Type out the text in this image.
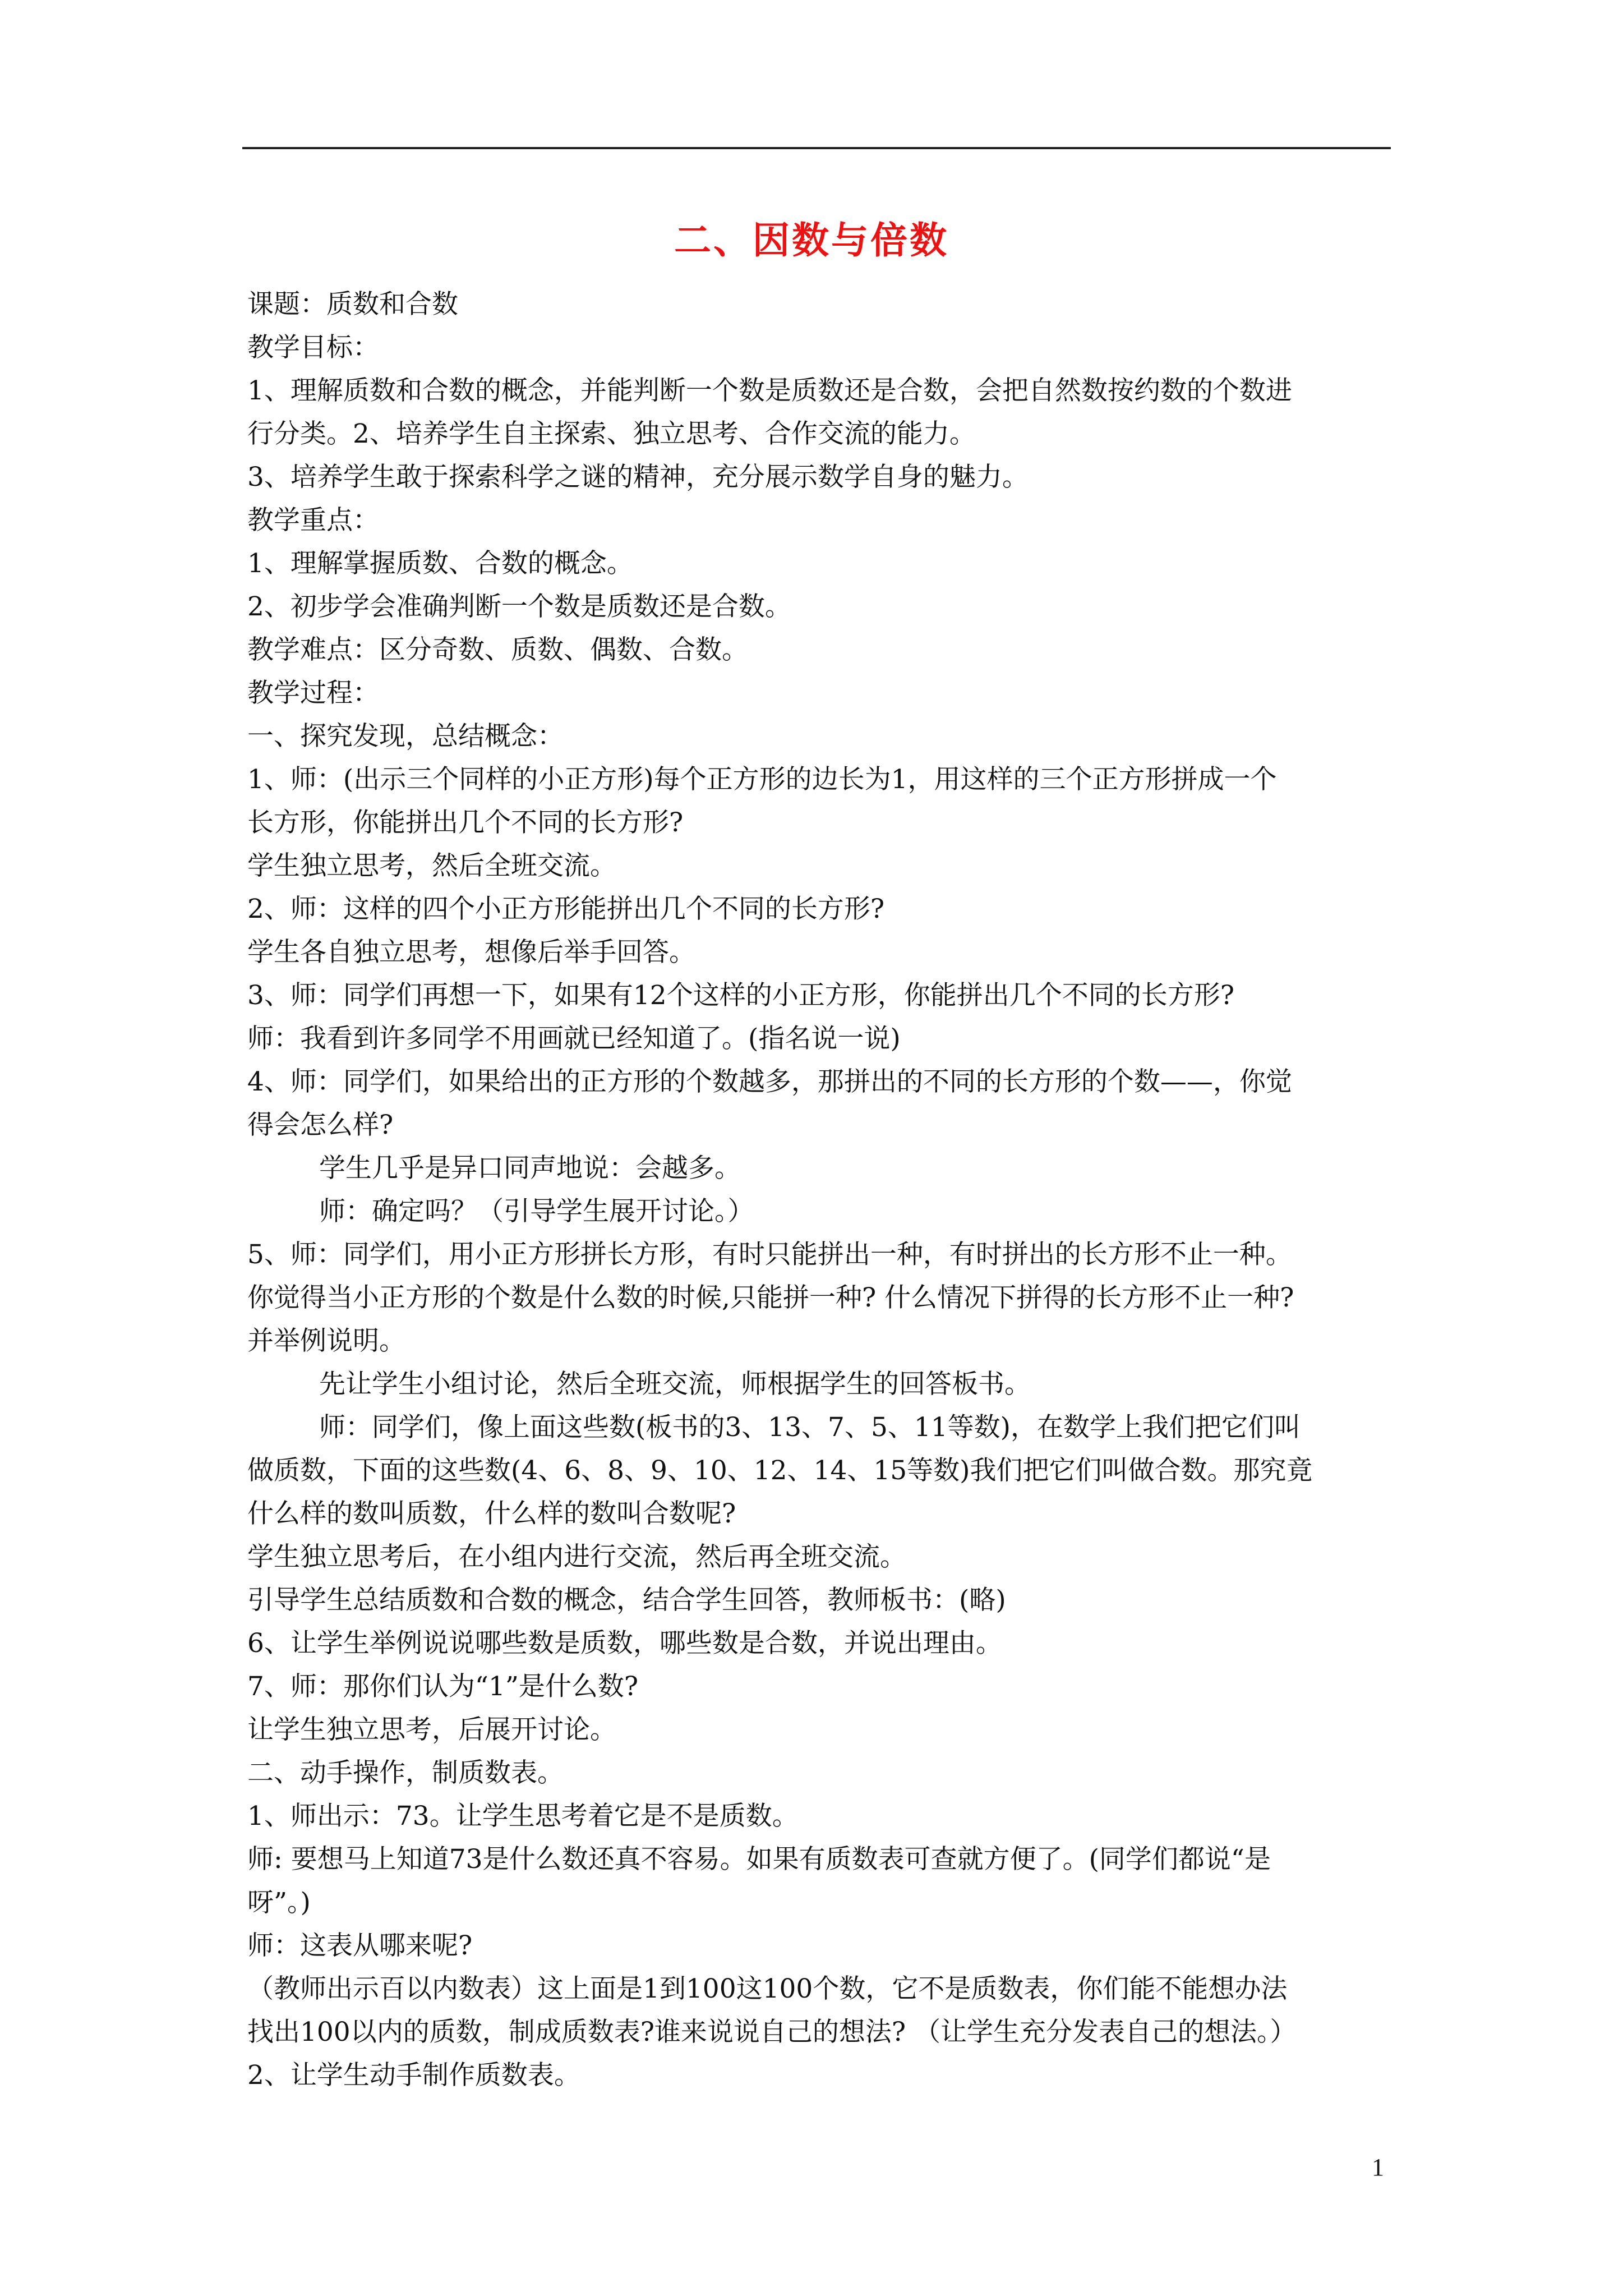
二、因数与倍数
课题：质数和合数
教学目标：
1、理解质数和合数的概念，并能判断一个数是质数还是合数，会把自然数按约数的个数进
行分类。2、培养学生自主探索、独立思考、合作交流的能力。
3、培养学生敢于探索科学之谜的精神，充分展示数学自身的魅力。
教学重点：
1、理解掌握质数、合数的概念。
2、初步学会准确判断一个数是质数还是合数。
教学难点：区分奇数、质数、偶数、合数。
教学过程：
一、探究发现，总结概念：
1、师：(出示三个同样的小正方形)每个正方形的边长为1，用这样的三个正方形拼成一个
长方形，你能拼出几个不同的长方形?
学生独立思考，然后全班交流。
2、师：这样的四个小正方形能拼出几个不同的长方形?
学生各自独立思考，想像后举手回答。
3、师：同学们再想一下，如果有12个这样的小正方形，你能拼出几个不同的长方形?
师：我看到许多同学不用画就已经知道了。(指名说一说)
4、师：同学们，如果给出的正方形的个数越多，那拼出的不同的长方形的个数——，你觉
得会怎么样?
学生几乎是异口同声地说：会越多。
师：确定吗？（引导学生展开讨论。）
5、师：同学们，用小正方形拼长方形，有时只能拼出一种，有时拼出的长方形不止一种。
你觉得当小正方形的个数是什么数的时候,只能拼一种? 什么情况下拼得的长方形不止一种?
并举例说明。
先让学生小组讨论，然后全班交流，师根据学生的回答板书。
师：同学们，像上面这些数(板书的3、13、7、5、11等数)，在数学上我们把它们叫
做质数，下面的这些数(4、6、8、9、10、12、14、15等数)我们把它们叫做合数。那究竟
什么样的数叫质数，什么样的数叫合数呢?
学生独立思考后，在小组内进行交流，然后再全班交流。
引导学生总结质数和合数的概念，结合学生回答，教师板书：(略)
6、让学生举例说说哪些数是质数，哪些数是合数，并说出理由。
7、师：那你们认为“1”是什么数?
让学生独立思考，后展开讨论。
二、动手操作，制质数表。
1、师出示：73。让学生思考着它是不是质数。
师: 要想马上知道73是什么数还真不容易。如果有质数表可查就方便了。(同学们都说“是
呀”。)
师：这表从哪来呢?
（教师出示百以内数表）这上面是1到100这100个数，它不是质数表，你们能不能想办法
找出100以内的质数，制成质数表?谁来说说自己的想法? （让学生充分发表自己的想法。）
2、让学生动手制作质数表。
1
